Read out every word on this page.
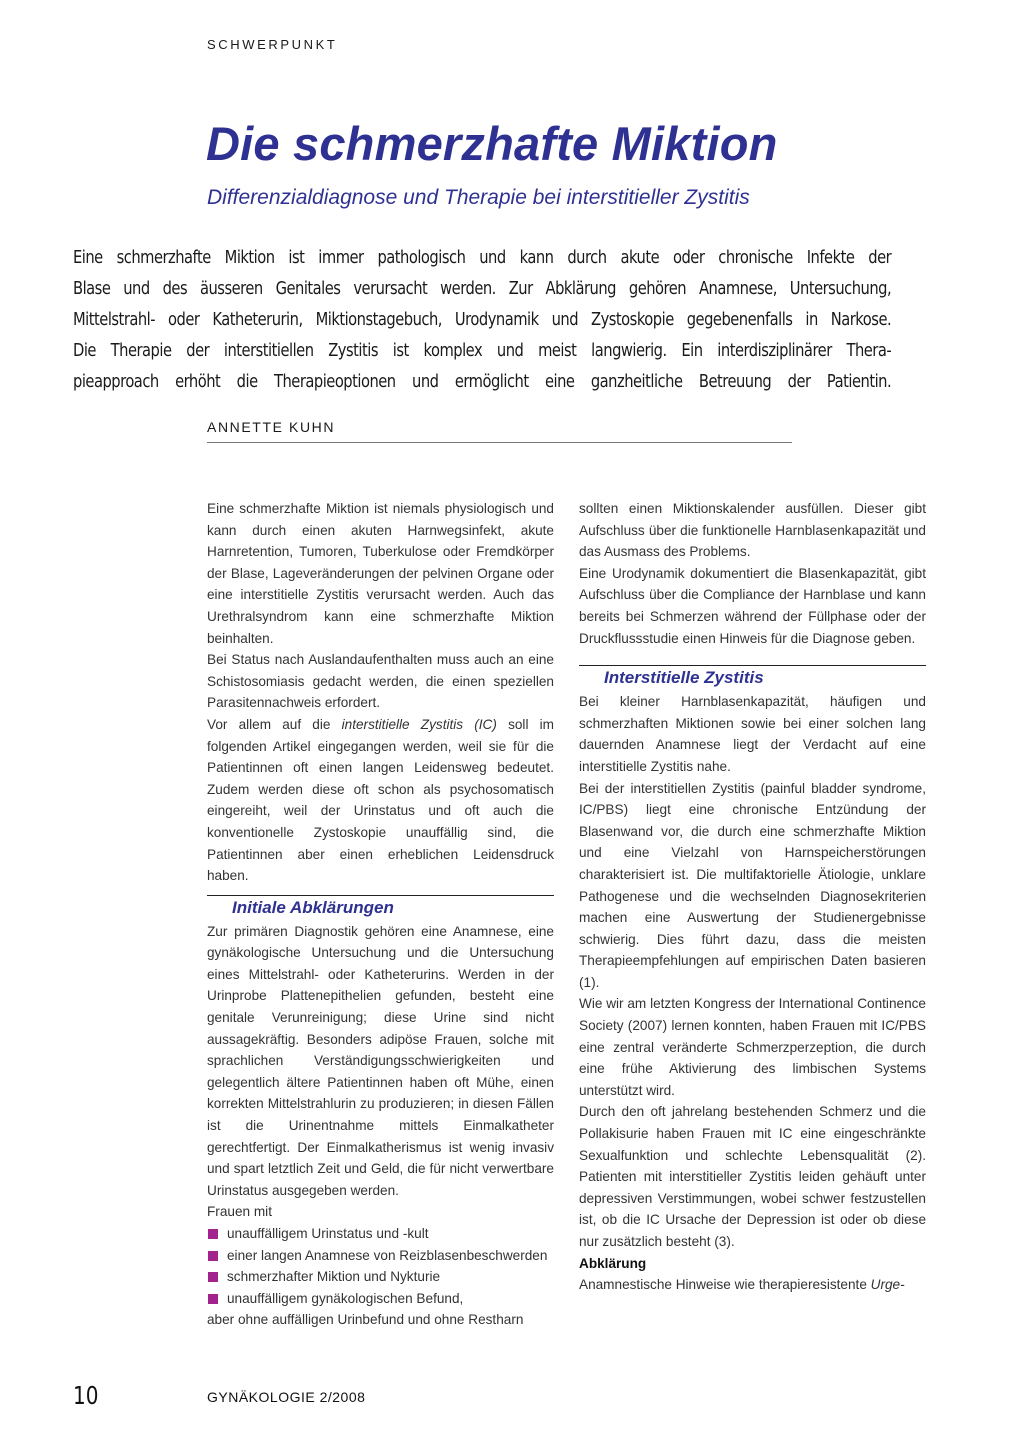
SCHWERPUNKT
Die schmerzhafte Miktion
Differenzialdiagnose und Therapie bei interstitieller Zystitis
Eine schmerzhafte Miktion ist immer pathologisch und kann durch akute oder chronische Infekte der
Blase und des äusseren Genitales verursacht werden. Zur Abklärung gehören Anamnese, Untersuchung,
Mittelstrahl- oder Katheterurin, Miktionstagebuch, Urodynamik und Zystoskopie gegebenenfalls in Narkose.
Die Therapie der interstitiellen Zystitis ist komplex und meist langwierig. Ein interdisziplinärer Thera-
pieapproach erhöht die Therapieoptionen und ermöglicht eine ganzheitliche Betreuung der Patientin.
ANNETTE KUHN

Eine schmerzhafte Miktion ist niemals physiologisch und kann durch einen akuten Harnwegsinfekt, akute Harnretention, Tumoren, Tuberkulose oder Fremdkörper der Blase, Lageveränderungen der pelvinen Organe oder eine interstitielle Zystitis verursacht werden. Auch das Urethralsyndrom kann eine schmerzhafte Miktion beinhalten.

Bei Status nach Auslandaufenthalten muss auch an eine Schistosomiasis gedacht werden, die einen speziellen Parasitennachweis erfordert.

Vor allem auf die interstitielle Zystitis (IC) soll im folgenden Artikel eingegangen werden, weil sie für die Patientinnen oft einen langen Leidensweg bedeutet. Zudem werden diese oft schon als psychosomatisch eingereiht, weil der Urinstatus und oft auch die konventionelle Zystoskopie unauffällig sind, die Patientinnen aber einen erheblichen Leidensdruck haben.

Initiale Abklärungen

Zur primären Diagnostik gehören eine Anamnese, eine gynäkologische Untersuchung und die Untersuchung eines Mittelstrahl- oder Katheterurins. Werden in der Urinprobe Plattenepithelien gefunden, besteht eine genitale Verunreinigung; diese Urine sind nicht aussagekräftig. Besonders adipöse Frauen, solche mit sprachlichen Verständigungsschwierigkeiten und gelegentlich ältere Patientinnen haben oft Mühe, einen korrekten Mittelstrahlurin zu produzieren; in diesen Fällen ist die Urinentnahme mittels Einmalkatheter gerechtfertigt. Der Einmalkatherismus ist wenig invasiv und spart letztlich Zeit und Geld, die für nicht verwertbare Urinstatus ausgegeben werden.

Frauen mit

unauffälligem Urinstatus und -kult
einer langen Anamnese von Reizblasenbeschwerden
schmerzhafter Miktion und Nykturie
unauffälligem gynäkologischen Befund,

aber ohne auffälligen Urinbefund und ohne Restharn

sollten einen Miktionskalender ausfüllen. Dieser gibt Aufschluss über die funktionelle Harnblasenkapazität und das Ausmass des Problems.

Eine Urodynamik dokumentiert die Blasenkapazität, gibt Aufschluss über die Compliance der Harnblase und kann bereits bei Schmerzen während der Füllphase oder der Druckflussstudie einen Hinweis für die Diagnose geben.

Interstitielle Zystitis

Bei kleiner Harnblasenkapazität, häufigen und schmerzhaften Miktionen sowie bei einer solchen lang dauernden Anamnese liegt der Verdacht auf eine interstitielle Zystitis nahe.

Bei der interstitiellen Zystitis (painful bladder syndrome, IC/PBS) liegt eine chronische Entzündung der Blasenwand vor, die durch eine schmerzhafte Miktion und eine Vielzahl von Harnspeicherstörungen charakterisiert ist. Die multifaktorielle Ätiologie, unklare Pathogenese und die wechselnden Diagnosekriterien machen eine Auswertung der Studienergebnisse schwierig. Dies führt dazu, dass die meisten Therapieempfehlungen auf empirischen Daten basieren (1).

Wie wir am letzten Kongress der International Continence Society (2007) lernen konnten, haben Frauen mit IC/PBS eine zentral veränderte Schmerzperzeption, die durch eine frühe Aktivierung des limbischen Systems unterstützt wird.

Durch den oft jahrelang bestehenden Schmerz und die Pollakisurie haben Frauen mit IC eine eingeschränkte Sexualfunktion und schlechte Lebensqualität (2). Patienten mit interstitieller Zystitis leiden gehäuft unter depressiven Verstimmungen, wobei schwer festzustellen ist, ob die IC Ursache der Depression ist oder ob diese nur zusätzlich besteht (3).

Abklärung

Anamnestische Hinweise wie therapieresistente Urge-

10	GYNÄKOLOGIE 2/2008
